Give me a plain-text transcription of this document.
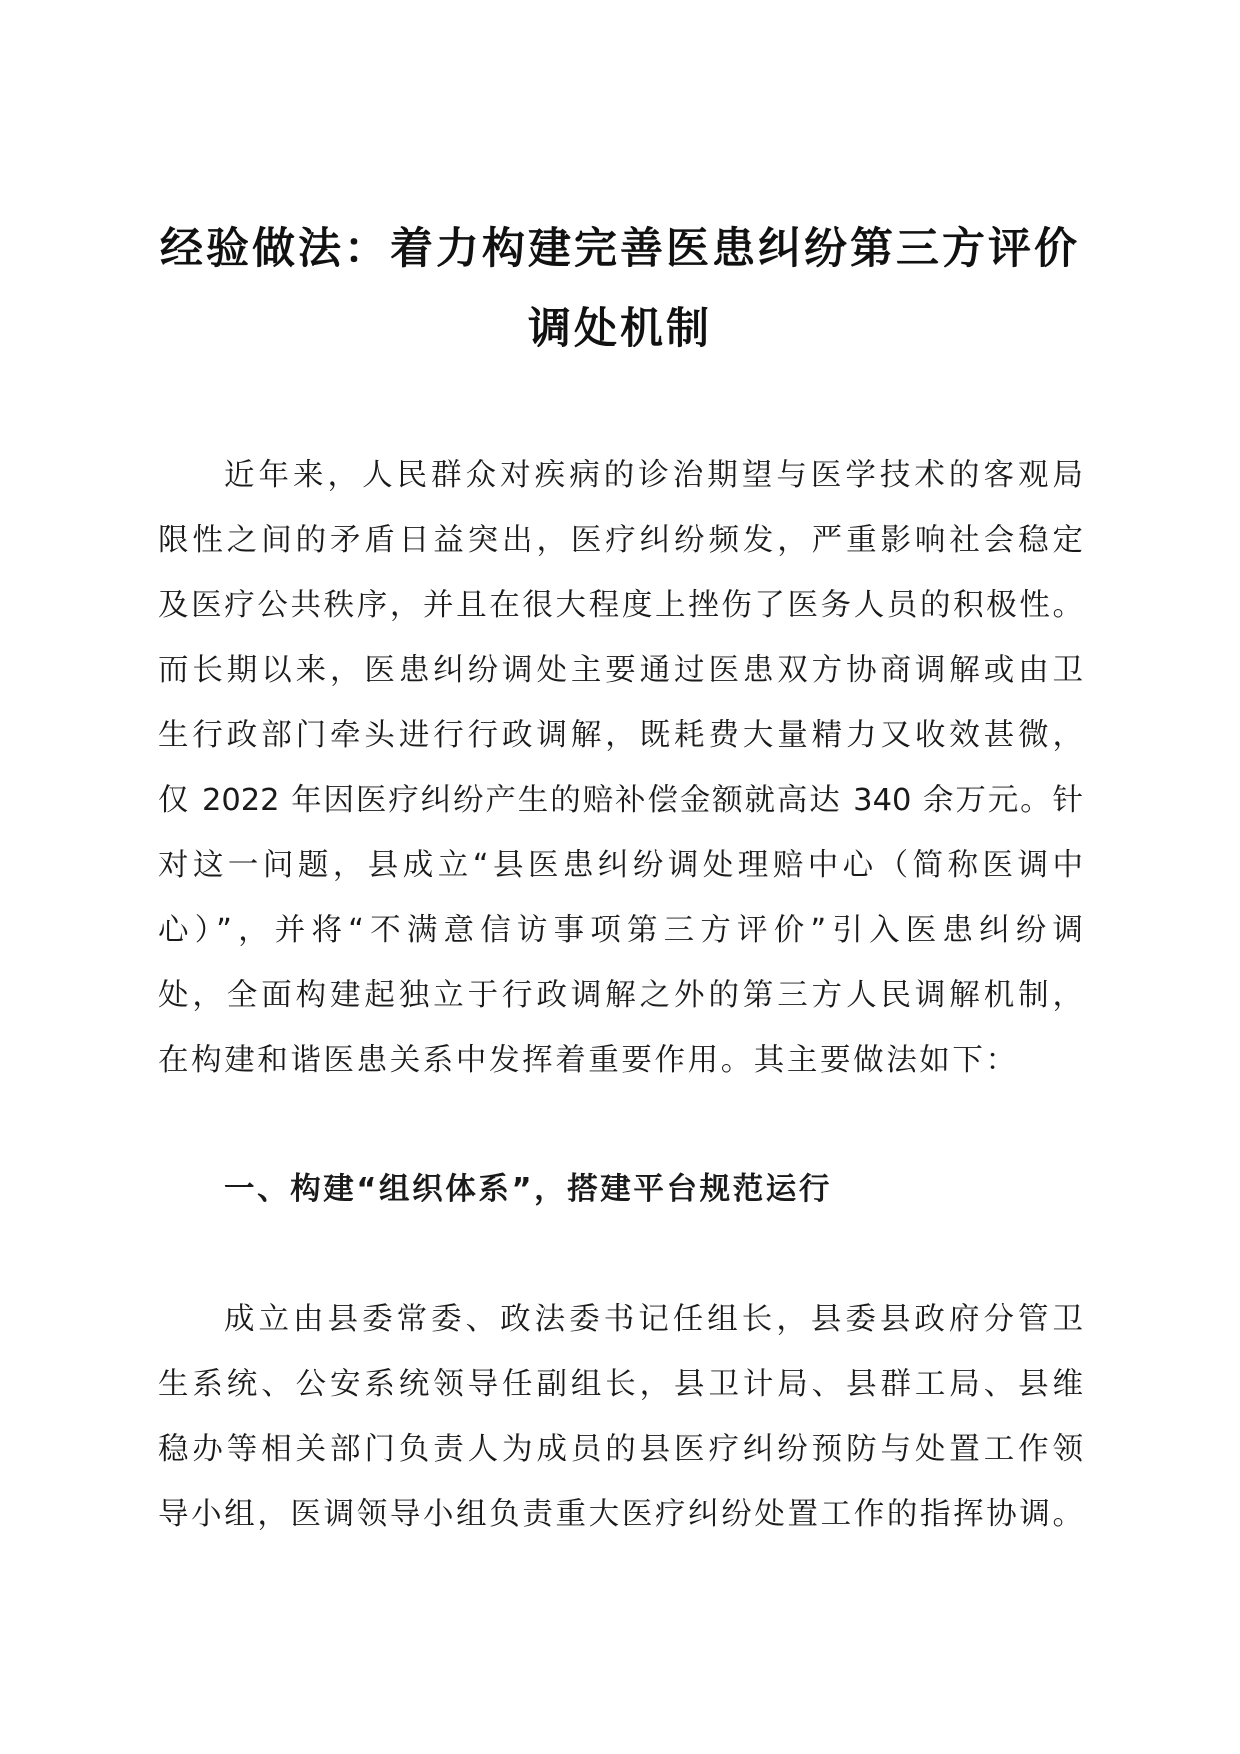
经验做法：着力构建完善医患纠纷第三方评价
调处机制

近年来，人民群众对疾病的诊治期望与医学技术的客观局

限性之间的矛盾日益突出，医疗纠纷频发，严重影响社会稳定

及医疗公共秩序，并且在很大程度上挫伤了医务人员的积极性。

而长期以来，医患纠纷调处主要通过医患双方协商调解或由卫

生行政部门牵头进行行政调解，既耗费大量精力又收效甚微，

仅 2022 年因医疗纠纷产生的赔补偿金额就高达 340 余万元。针

对这一问题，县成立“县医患纠纷调处理赔中心（简称医调中

心）”，并将“不满意信访事项第三方评价”引入医患纠纷调

处，全面构建起独立于行政调解之外的第三方人民调解机制，

在构建和谐医患关系中发挥着重要作用。其主要做法如下：

一、构建“组织体系”，搭建平台规范运行

成立由县委常委、政法委书记任组长，县委县政府分管卫

生系统、公安系统领导任副组长，县卫计局、县群工局、县维

稳办等相关部门负责人为成员的县医疗纠纷预防与处置工作领

导小组，医调领导小组负责重大医疗纠纷处置工作的指挥协调。
